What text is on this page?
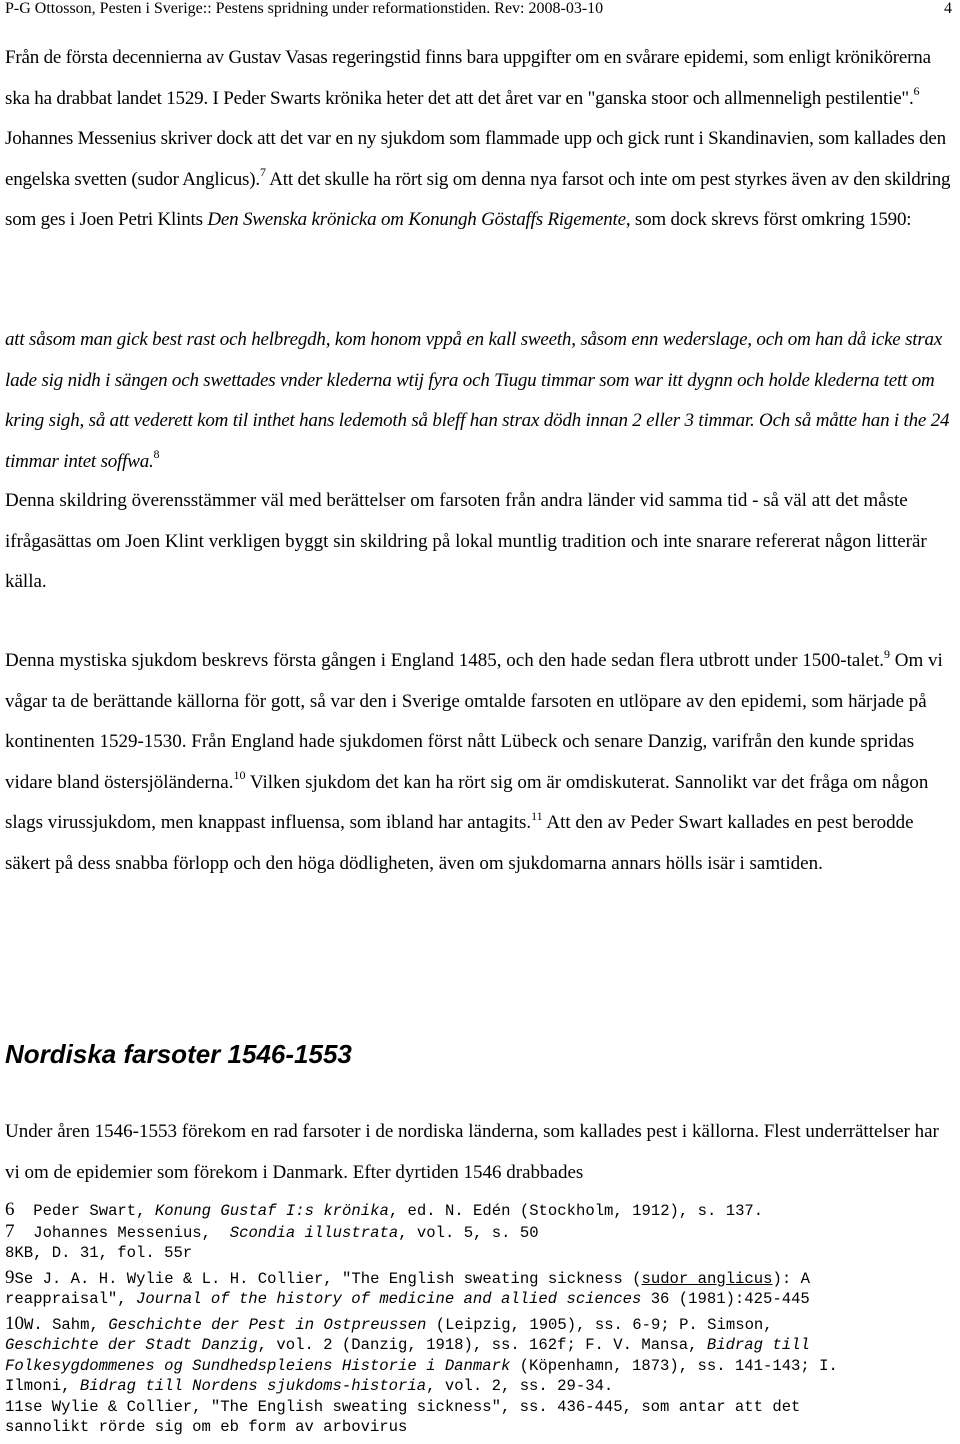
P-G Ottosson, Pesten i Sverige:: Pestens spridning under reformationstiden. Rev: 2008-03-10	4

Från de första decennierna av Gustav Vasas regeringstid finns bara uppgifter om en svårare epidemi, som enligt krönikörerna ska ha drabbat landet 1529. I Peder Swarts krönika heter det att det året var en "ganska stoor och allmenneligh pestilentie".$^6$ Johannes Messenius skriver dock att det var en ny sjukdom som flammade upp och gick runt i Skandinavien, som kallades den engelska svetten (sudor Anglicus).$^7$ Att det skulle ha rört sig om denna nya farsot och inte om pest styrkes även av den skildring som ges i Joen Petri Klints Den Swenska krönicka om Konungh Göstaffs Rigemente, som dock skrevs först omkring 1590:

att såsom man gick best rast och helbregdh, kom honom vppå en kall sweeth, såsom enn wederslage, och om han då icke strax lade sig nidh i sängen och swettades vnder klederna wtij fyra och Tiugu timmar som war itt dygnn och holde klederna tett om kring sigh, så att vederett kom til inthet hans ledemoth så bleff han strax dödh innan 2 eller 3 timmar. Och så måtte han i the 24 timmar intet soffwa.$^8$

Denna skildring överensstämmer väl med berättelser om farsoten från andra länder vid samma tid - så väl att det måste ifrågasättas om Joen Klint verkligen byggt sin skildring på lokal muntlig tradition och inte snarare refererat någon litterär källa.

Denna mystiska sjukdom beskrevs första gången i England 1485, och den hade sedan flera utbrott under 1500-talet.$^9$ Om vi vågar ta de berättande källorna för gott, så var den i Sverige omtalde farsoten en utlöpare av den epidemi, som härjade på kontinenten 1529-1530. Från England hade sjukdomen först nått Lübeck och senare Danzig, varifrån den kunde spridas vidare bland östersjöländerna.$^{10}$ Vilken sjukdom det kan ha rört sig om är omdiskuterat. Sannolikt var det fråga om någon slags virussjukdom, men knappast influensa, som ibland har antagits.$^{11}$ Att den av Peder Swart kallades en pest berodde säkert på dess snabba förlopp och den höga dödligheten, även om sjukdomarna annars hölls isär i samtiden.

Nordiska farsoter 1546-1553

Under åren 1546-1553 förekom en rad farsoter i de nordiska länderna, som kallades pest i källorna. Flest underrättelser har vi om de epidemier som förekom i Danmark. Efter dyrtiden 1546 drabbades

6  Peder Swart, Konung Gustaf I:s krönika, ed. N. Edén (Stockholm, 1912), s. 137.
7  Johannes Messenius,  Scondia illustrata, vol. 5, s. 50
8KB, D. 31, fol. 55r
9Se J. A. H. Wylie & L. H. Collier, "The English sweating sickness (sudor anglicus): A
reappraisal", Journal of the history of medicine and allied sciences 36 (1981):425-445
10W. Sahm, Geschichte der Pest in Ostpreussen (Leipzig, 1905), ss. 6-9; P. Simson,
Geschichte der Stadt Danzig, vol. 2 (Danzig, 1918), ss. 162f; F. V. Mansa, Bidrag till
Folkesygdommenes og Sundhedspleiens Historie i Danmark (Köpenhamn, 1873), ss. 141-143; I.
Ilmoni, Bidrag till Nordens sjukdoms-historia, vol. 2, ss. 29-34.
11se Wylie & Collier, "The English sweating sickness", ss. 436-445, som antar att det
sannolikt rörde sig om eb form av arbovirus
